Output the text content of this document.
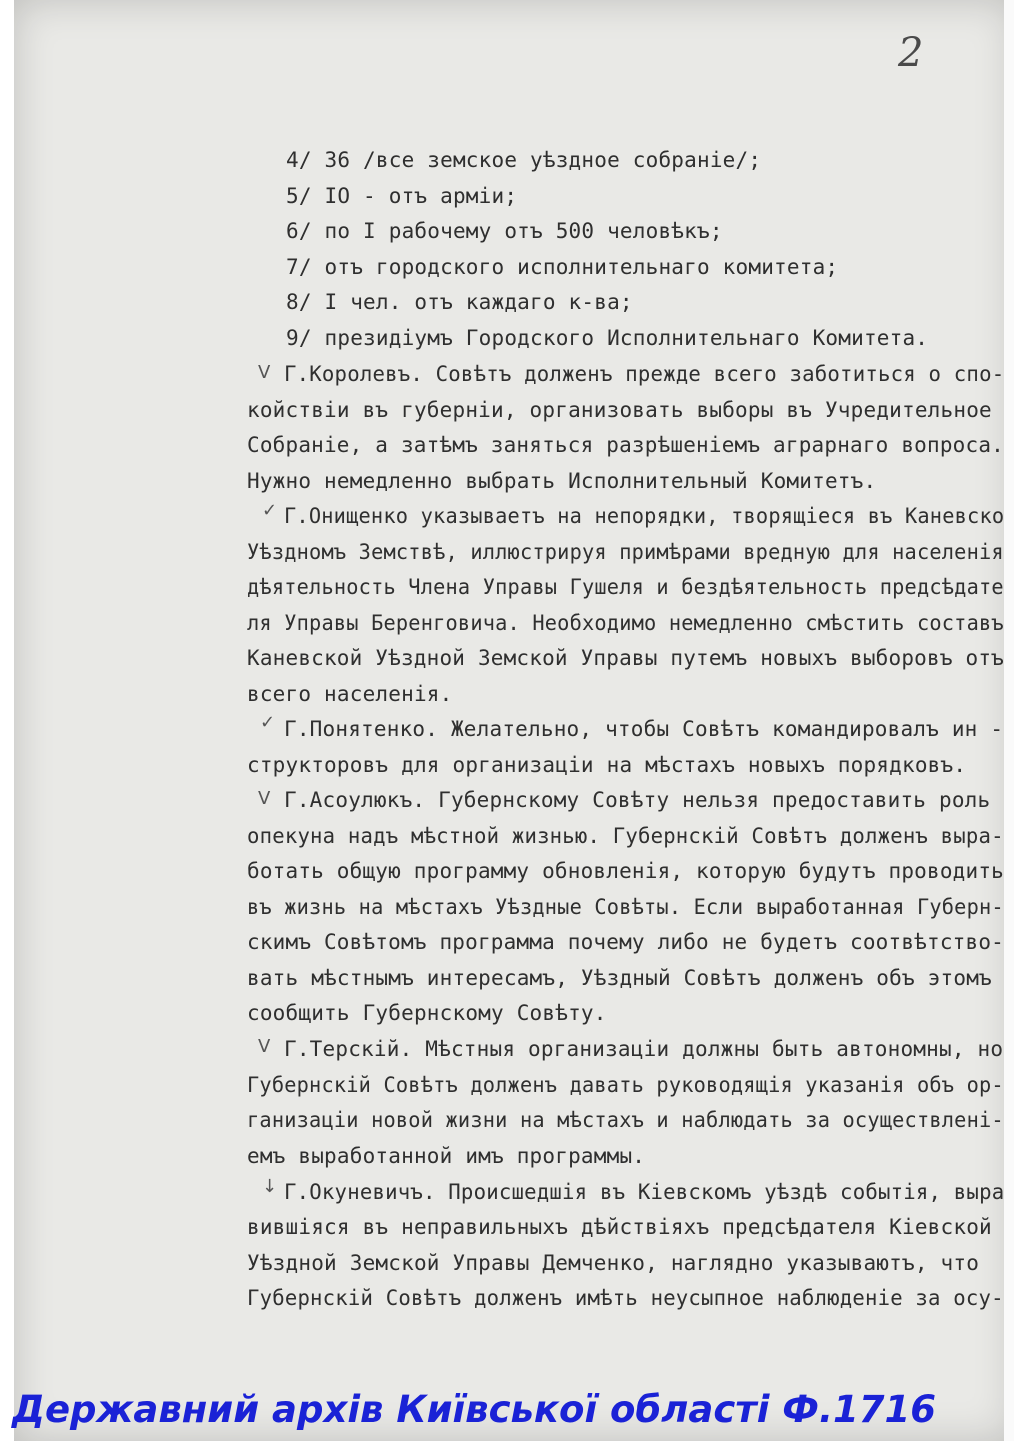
2
4/ 36 /все земское уѣздное собраніе/;
5/ IO - отъ арміи;
6/ по I рабочему отъ 500 человѣкъ;
7/ отъ городского исполнительнаго комитета;
8/ I чел. отъ каждаго к-ва;
9/ президіумъ Городского Исполнительнаго Комитета.
V Г.Королевъ. Совѣтъ долженъ прежде всего заботиться о спо-
койствіи въ губерніи, организовать выборы въ Учредительное
Собраніе, а затѣмъ заняться разрѣшеніемъ аграрнаго вопроса.
Нужно немедленно выбрать Исполнительный Комитетъ.
✓ Г.Онищенко указываетъ на непорядки, творящіеся въ Каневско
Уѣздномъ Земствѣ, иллюстрируя примѣрами вредную для населенія
дѣятельность Члена Управы Гушеля и бездѣятельность предсѣдате
ля Управы Беренговича. Необходимо немедленно смѣстить составъ
Каневской Уѣздной Земской Управы путемъ новыхъ выборовъ отъ
всего населенія.
✓ Г.Понятенко. Желательно, чтобы Совѣтъ командировалъ ин -
структоровъ для организаціи на мѣстахъ новыхъ порядковъ.
V Г.Асоулюкъ. Губернскому Совѣту нельзя предоставить роль
опекуна надъ мѣстной жизнью. Губернскій Совѣтъ долженъ выра-
ботать общую программу обновленія, которую будутъ проводить
въ жизнь на мѣстахъ Уѣздные Совѣты. Если выработанная Губерн-
скимъ Совѣтомъ программа почему либо не будетъ соотвѣтство-
вать мѣстнымъ интересамъ, Уѣздный Совѣтъ долженъ объ этомъ
сообщить Губернскому Совѣту.
V Г.Терскій. Мѣстныя организаціи должны быть автономны, но
Губернскій Совѣтъ долженъ давать руководящія указанія объ ор-
ганизаціи новой жизни на мѣстахъ и наблюдать за осуществлені-
емъ выработанной имъ программы.
↓ Г.Окуневичъ. Происшедшія въ Кіевскомъ уѣздѣ событія, выра
вившіяся въ неправильныхъ дѣйствіяхъ предсѣдателя Кіевской
Уѣздной Земской Управы Демченко, наглядно указываютъ, что
Губернскій Совѣтъ долженъ имѣть неусыпное наблюденіе за осу-
Державний архів Київської області Ф.1716
